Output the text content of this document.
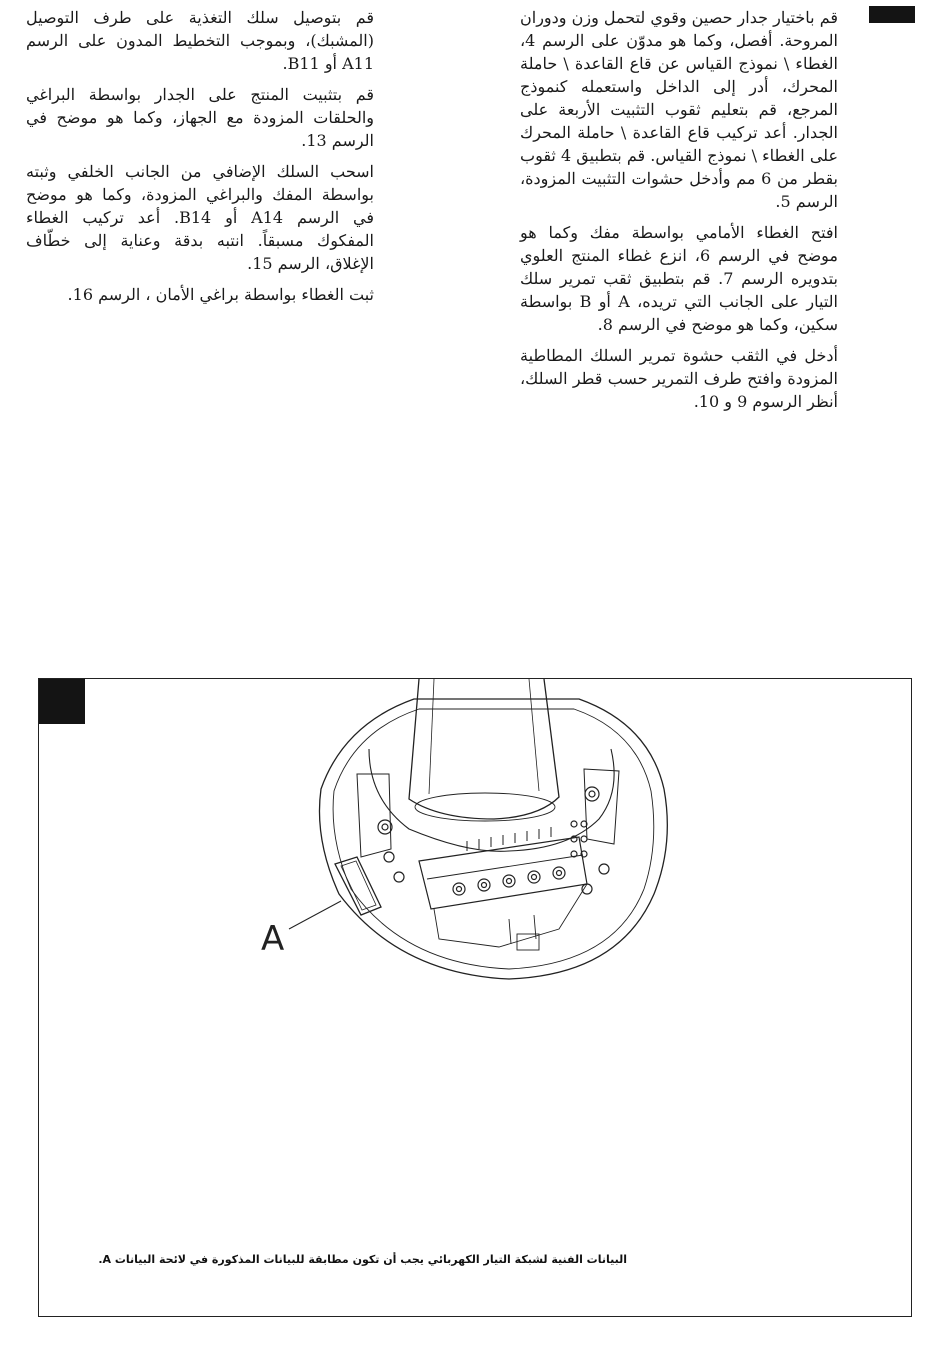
قم باختيار جدار حصين وقوي لتحمل وزن ودوران المروحة. أفصل، وكما هو مدوّن على الرسم 4، الغطاء \ نموذج القياس عن قاع القاعدة \ حاملة المحرك، أدر إلى الداخل واستعمله كنموذج المرجع، قم بتعليم ثقوب التثبيت الأربعة على الجدار. أعد تركيب قاع القاعدة \ حاملة المحرك على الغطاء \ نموذج القياس. قم بتطبيق 4 ثقوب بقطر من 6 مم وأدخل حشوات التثبيت المزودة، الرسم 5.

افتح الغطاء الأمامي بواسطة مفك وكما هو موضح في الرسم 6، انزع غطاء المنتج العلوي بتدويره الرسم 7. قم بتطبيق ثقب تمرير سلك التيار على الجانب التي تريده، A أو B بواسطة سكين، وكما هو موضح في الرسم 8.

أدخل في الثقب حشوة تمرير السلك المطاطية المزودة وافتح طرف التمرير حسب قطر السلك، أنظر الرسوم 9 و 10.

قم بتوصيل سلك التغذية على طرف التوصيل (المشبك)، وبموجب التخطيط المدون على الرسم A11 أو B11.

قم بتثبيت المنتج على الجدار بواسطة البراغي والحلقات المزودة مع الجهاز، وكما هو موضح في الرسم 13.

اسحب السلك الإضافي من الجانب الخلفي وثبته بواسطة المفك والبراغي المزودة، وكما هو موضح في الرسم A14 أو B14. أعد تركيب الغطاء المفكوك مسبقاً. انتبه بدقة وعناية إلى خطّاف الإغلاق، الرسم 15.

ثبت الغطاء بواسطة براغي الأمان ، الرسم 16.

A
البيانات الفنية لشبكة التيار الكهربائي يجب أن تكون مطابقة للبيانات المذكورة في لائحة البيانات A.
